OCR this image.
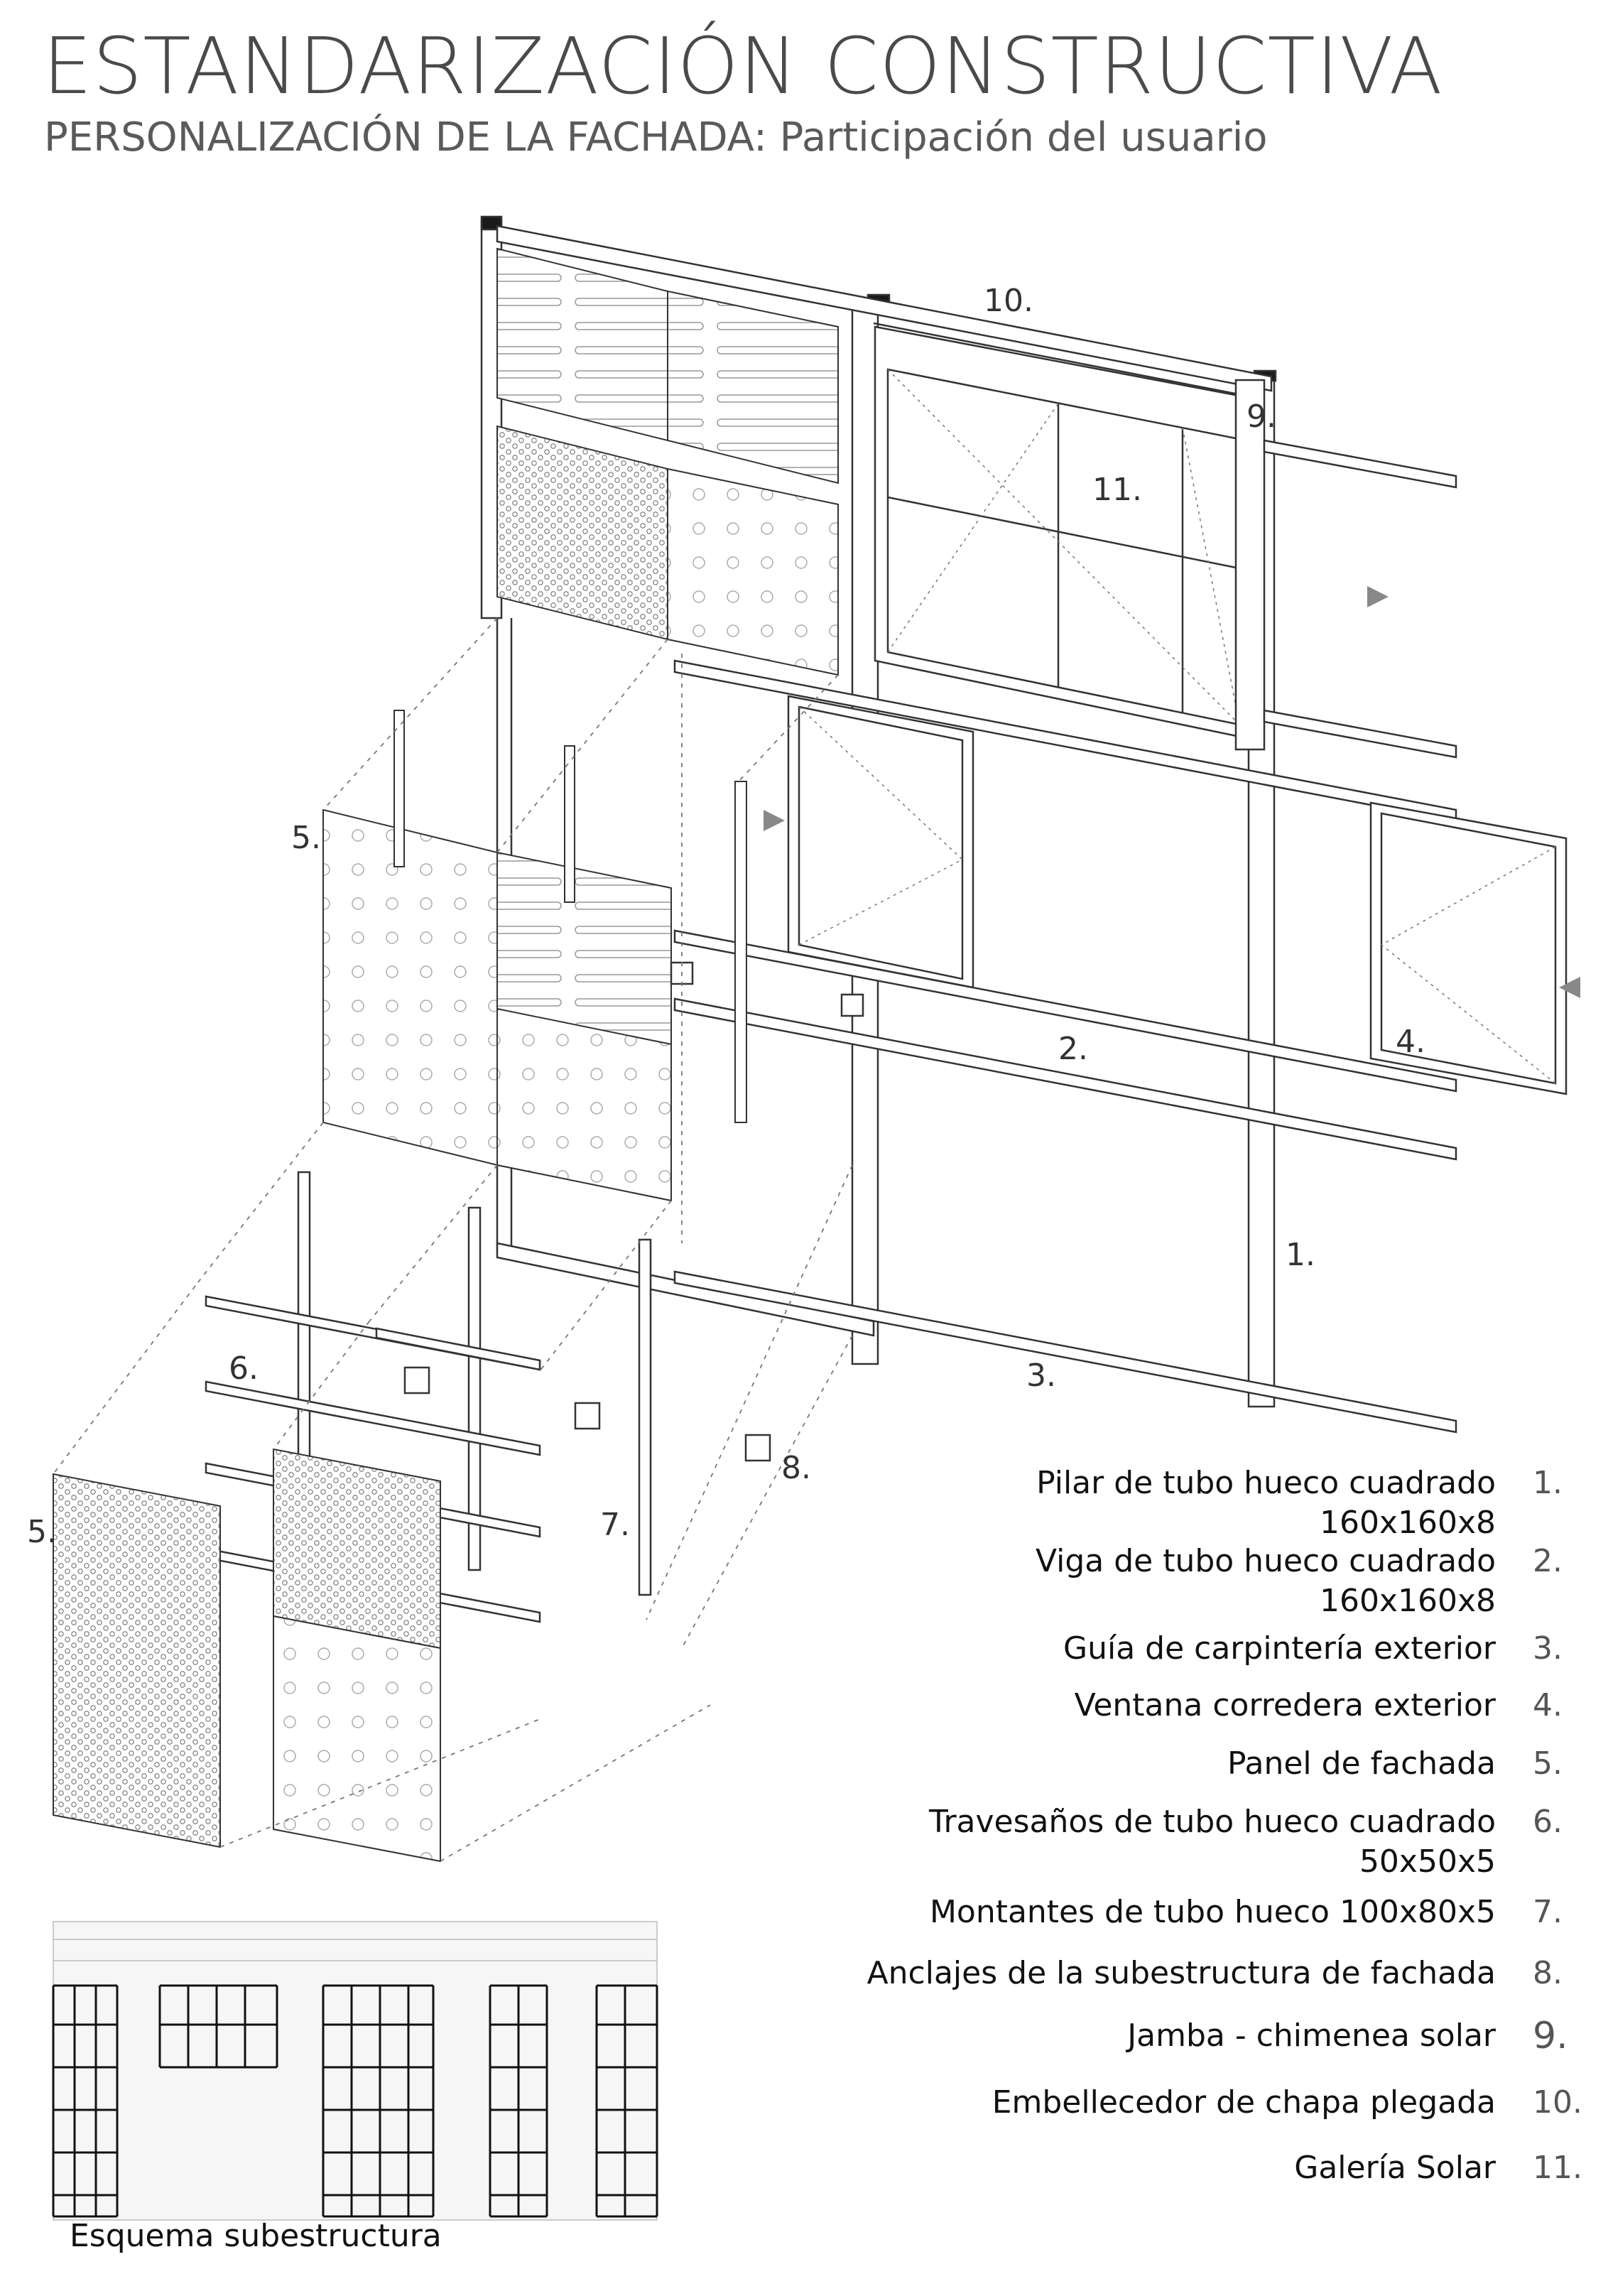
ESTANDARIZACIÓN CONSTRUCTIVA
PERSONALIZACIÓN DE LA FACHADA: Participación del usuario
1.
2.
3.
4.
5.
5.
6.
7.
8.
9.
10.
11.
Pilar de tubo hueco cuadrado
160x160x8
1.
Viga de tubo hueco cuadrado
160x160x8
2.
Guía de carpintería exterior 3.
Ventana corredera exterior 4.
Panel de fachada 5.
Travesaños de tubo hueco cuadrado
50x50x5
6.
Montantes de tubo hueco 100x80x5 7.
Anclajes de la subestructura de fachada 8.
Jamba - chimenea solar 9.
Embellecedor de chapa plegada 10.
Galería Solar 11.
Esquema subestructura
